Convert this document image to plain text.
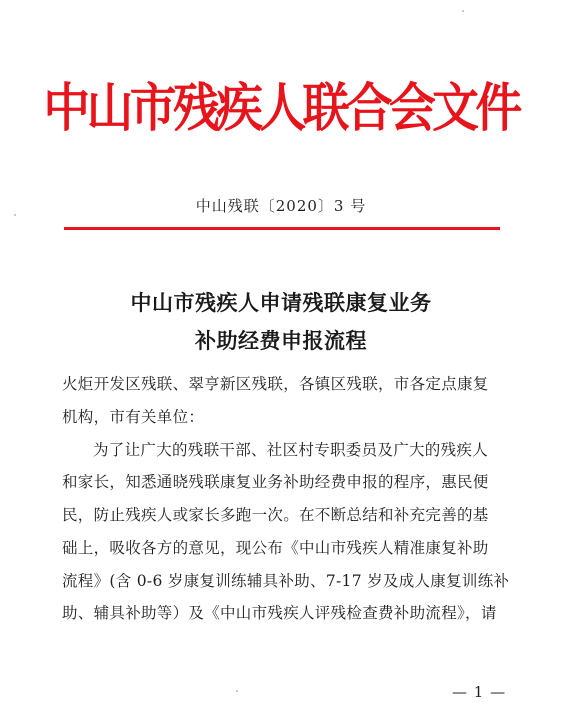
中山市残疾人联合会文件
中山残联〔2020〕3 号
中山市残疾人申请残联康复业务
补助经费申报流程
火炬开发区残联、翠亨新区残联，各镇区残联，市各定点康复
机构，市有关单位：
为了让广大的残联干部、社区村专职委员及广大的残疾人
和家长，知悉通晓残联康复业务补助经费申报的程序，惠民便
民，防止残疾人或家长多跑一次。在不断总结和补充完善的基
础上，吸收各方的意见，现公布《中山市残疾人精准康复补助
流程》(含 0-6 岁康复训练辅具补助、7-17 岁及成人康复训练补
助、辅具补助等）及《中山市残疾人评残检查费补助流程》，请
— 1 —
